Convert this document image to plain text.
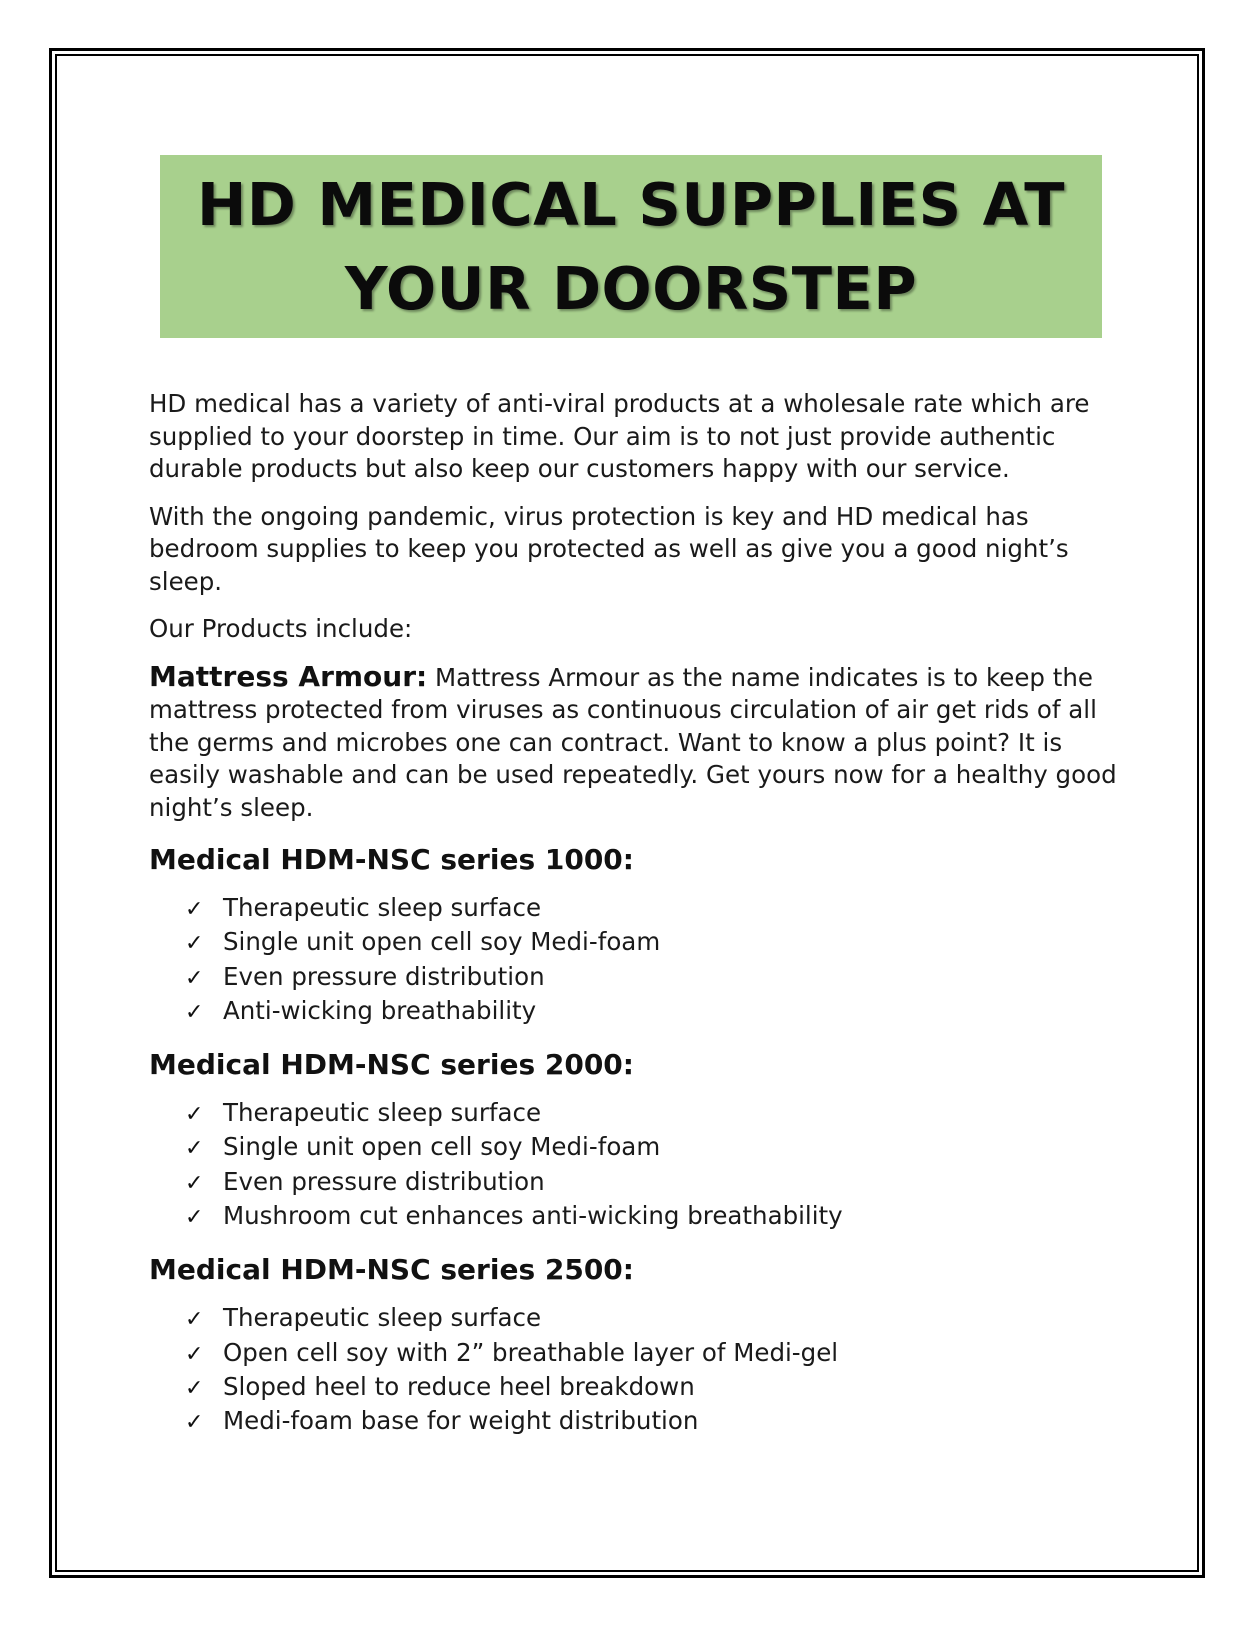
HD MEDICAL SUPPLIES AT
YOUR DOORSTEP

HD medical has a variety of anti-viral products at a wholesale rate which are supplied to your doorstep in time. Our aim is to not just provide authentic durable products but also keep our customers happy with our service.

With the ongoing pandemic, virus protection is key and HD medical has bedroom supplies to keep you protected as well as give you a good night’s sleep.

Our Products include:

Mattress Armour: Mattress Armour as the name indicates is to keep the mattress protected from viruses as continuous circulation of air get rids of all the germs and microbes one can contract. Want to know a plus point? It is easily washable and can be used repeatedly. Get yours now for a healthy good night’s sleep.

Medical HDM-NSC series 1000:
✓ Therapeutic sleep surface
✓ Single unit open cell soy Medi-foam
✓ Even pressure distribution
✓ Anti-wicking breathability
Medical HDM-NSC series 2000:
✓ Therapeutic sleep surface
✓ Single unit open cell soy Medi-foam
✓ Even pressure distribution
✓ Mushroom cut enhances anti-wicking breathability
Medical HDM-NSC series 2500:
✓ Therapeutic sleep surface
✓ Open cell soy with 2” breathable layer of Medi-gel
✓ Sloped heel to reduce heel breakdown
✓ Medi-foam base for weight distribution
